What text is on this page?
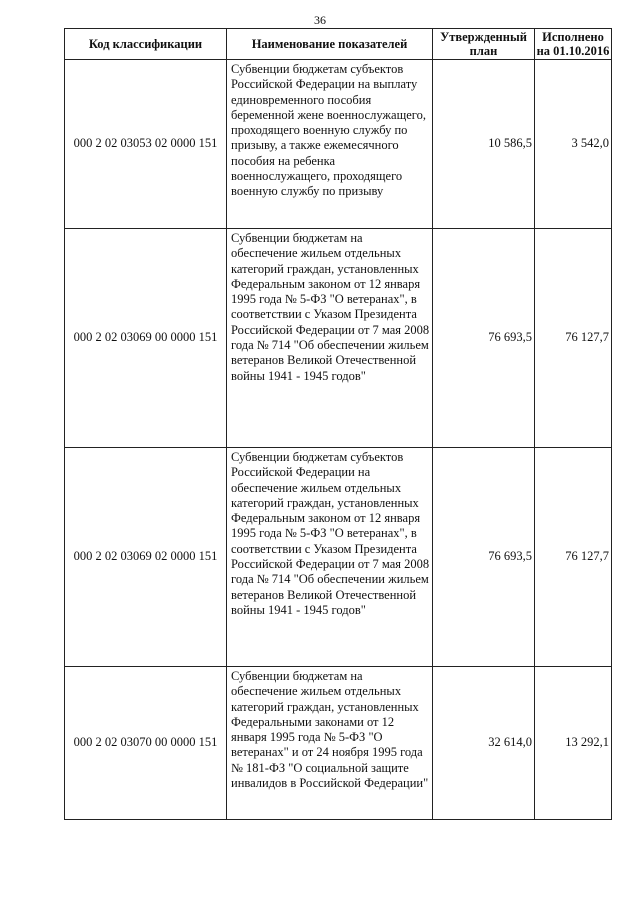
36
Код классификации	Наименование показателей	Утвержденный план	Исполнено на 01.10.2016
000 2 02 03053 02 0000 151	Субвенции бюджетам субъектов Российской Федерации на выплату единовременного пособия беременной жене военнослужащего, проходящего военную службу по призыву, а также ежемесячного пособия на ребенка военнослужащего, проходящего военную службу по призыву	10 586,5	3 542,0
000 2 02 03069 00 0000 151	Субвенции бюджетам на обеспечение жильем отдельных категорий граждан, установленных Федеральным законом от 12 января 1995 года № 5-ФЗ "О ветеранах", в соответствии с Указом Президента Российской Федерации от 7 мая 2008 года № 714 "Об обеспечении жильем ветеранов Великой Отечественной войны 1941 - 1945 годов"	76 693,5	76 127,7
000 2 02 03069 02 0000 151	Субвенции бюджетам субъектов Российской Федерации на обеспечение жильем отдельных категорий граждан, установленных Федеральным законом от 12 января 1995 года № 5-ФЗ "О ветеранах", в соответствии с Указом Президента Российской Федерации от 7 мая 2008 года № 714 "Об обеспечении жильем ветеранов Великой Отечественной войны 1941 - 1945 годов"	76 693,5	76 127,7
000 2 02 03070 00 0000 151	Субвенции бюджетам на обеспечение жильем отдельных категорий граждан, установленных Федеральными законами от 12 января 1995 года № 5-ФЗ "О ветеранах" и от 24 ноября 1995 года № 181-ФЗ "О социальной защите инвалидов в Российской Федерации"	32 614,0	13 292,1
